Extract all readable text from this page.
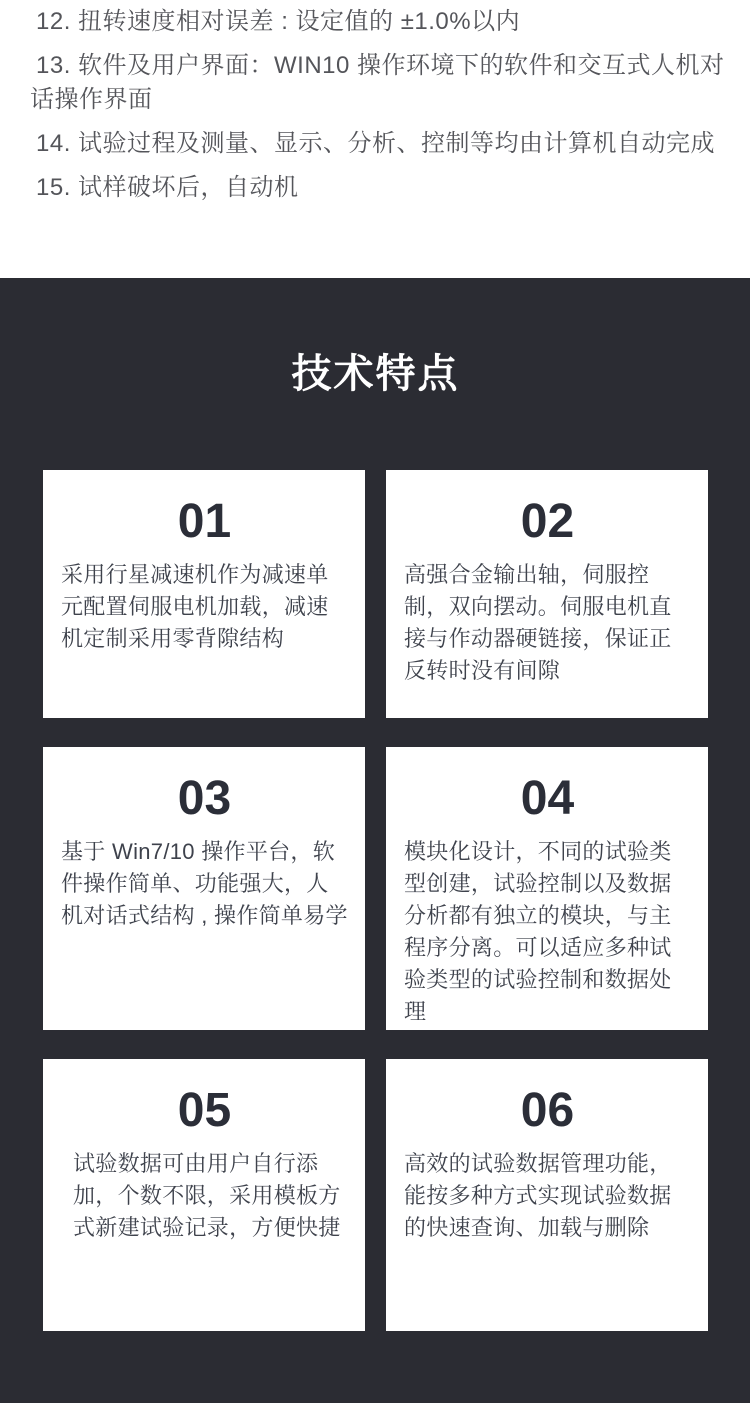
12. 扭转速度相对误差 : 设定值的 ±1.0%以内

13. 软件及用户界面：WIN10 操作环境下的软件和交互式人机对话操作界面

14. 试验过程及测量、显示、分析、控制等均由计算机自动完成

15. 试样破坏后，自动机

技术特点
01

采用行星减速机作为减速单元配置伺服电机加载，减速机定制采用零背隙结构

02

高强合金输出轴，伺服控制，双向摆动。伺服电机直接与作动器硬链接，保证正反转时没有间隙

03

基于 Win7/10 操作平台，软件操作简单、功能强大，人机对话式结构 , 操作简单易学

04

模块化设计，不同的试验类型创建，试验控制以及数据分析都有独立的模块，与主程序分离。可以适应多种试验类型的试验控制和数据处理

05

试验数据可由用户自行添加，个数不限，采用模板方式新建试验记录，方便快捷

06

高效的试验数据管理功能，能按多种方式实现试验数据的快速查询、加载与删除
